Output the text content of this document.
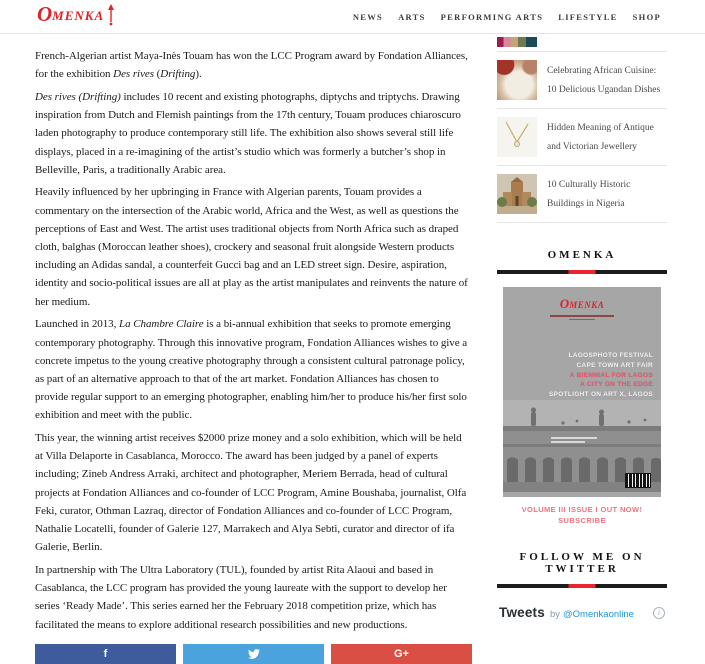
O MENKA	NEWS ARTS PERFORMING ARTS LIFESTYLE SHOP

French-Algerian artist Maya-Inès Touam has won the LCC Program award by Fondation Alliances, for the exhibition Des rives (Drifting).

Des rives (Drifting) includes 10 recent and existing photographs, diptychs and triptychs. Drawing inspiration from Dutch and Flemish paintings from the 17th century, Touam produces chiaroscuro laden photography to produce contemporary still life. The exhibition also shows several still life displays, placed in a re-imagining of the artist’s studio which was formerly a butcher’s shop in Belleville, Paris, a traditionally Arabic area.

Heavily influenced by her upbringing in France with Algerian parents, Touam provides a commentary on the intersection of the Arabic world, Africa and the West, as well as questions the perceptions of East and West. The artist uses traditional objects from North Africa such as draped cloth, balghas (Moroccan leather shoes), crockery and seasonal fruit alongside Western products including an Adidas sandal, a counterfeit Gucci bag and an LED street sign. Desire, aspiration, identity and socio-political issues are all at play as the artist manipulates and reinvents the nature of her medium.

Launched in 2013, La Chambre Claire is a bi-annual exhibition that seeks to promote emerging contemporary photography. Through this innovative program, Fondation Alliances wishes to give a concrete impetus to the young creative photography through a consistent cultural patronage policy, as part of an alternative approach to that of the art market. Fondation Alliances has chosen to provide regular support to an emerging photographer, enabling him/her to produce his/her first solo exhibition and meet with the public.

This year, the winning artist receives $2000 prize money and a solo exhibition, which will be held at Villa Delaporte in Casablanca, Morocco. The award has been judged by a panel of experts including; Zineb Andress Arraki, architect and photographer, Meriem Berrada, head of cultural projects at Fondation Alliances and co-founder of LCC Program, Amine Boushaba, journalist, Olfa Feki, curator, Othman Lazraq, director of Fondation Alliances and co-founder of LCC Program, Nathalie Locatelli, founder of Galerie 127, Marrakech and Alya Sebti, curator and director of ifa Galerie, Berlin.

In partnership with The Ultra Laboratory (TUL), founded by artist Rita Alaoui and based in Casablanca, the LCC program has provided the young laureate with the support to develop her series ‘Ready Made’. This series earned her the February 2018 competition prize, which has facilitated the means to explore additional research possibilities and new productions.

f	G+
Celebrating African Cuisine: 10 Delicious Ugandan Dishes
Hidden Meaning of Antique and Victorian Jewellery
10 Culturally Historic Buildings in Nigeria
OMENKA
OMENKA
LAGOSPHOTO FESTIVAL
CAPE TOWN ART FAIR
A BIENNIAL FOR LAGOS
A CITY ON THE EDGE
SPOTLIGHT ON ART X, LAGOS
VOLUME III ISSUE I OUT NOW!
SUBSCRIBE
FOLLOW ME ON TWITTER
Tweets by @Omenkaonline	i
